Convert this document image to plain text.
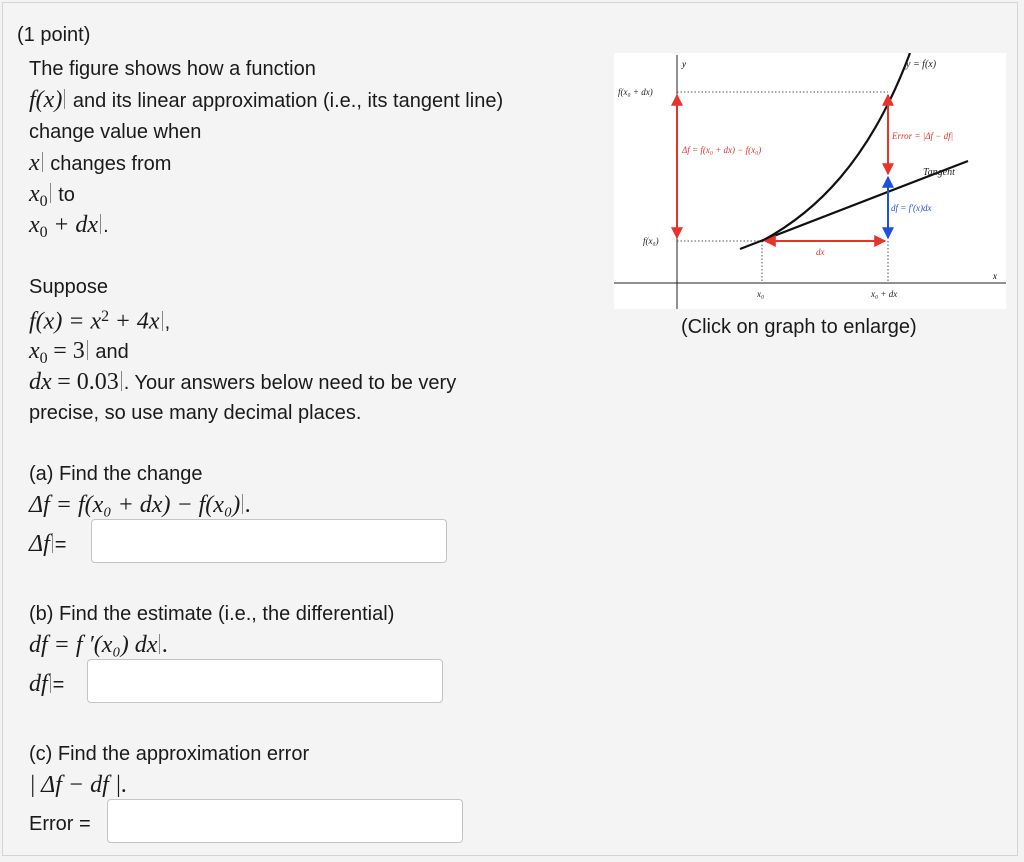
(1 point)
The figure shows how a function
f(x) and its linear approximation (i.e., its tangent line)
change value when
x changes from
$x_0$ to
$x_0$ + dx .
Suppose
$f(x) = x^2 + 4x$ ,
$x_0 = 3$ and
dx = 0.03 . Your answers below need to be very
precise, so use many decimal places.
(a) Find the change
Δf = f(x₀ + dx) − f(x₀) .
Δf =
(b) Find the estimate (i.e., the differential)
df = f ′(x₀) dx .
df =
(c) Find the approximation error
| Δf − df |.
Error =
y
x
y = f(x)
f(x₀ + dx)
f(x₀)
Δf = f(x₀ + dx) − f(x₀)
Error = |Δf − df|
Tangent
df = f′(x)dx
dx
x₀	x₀ + dx
(Click on graph to enlarge)
